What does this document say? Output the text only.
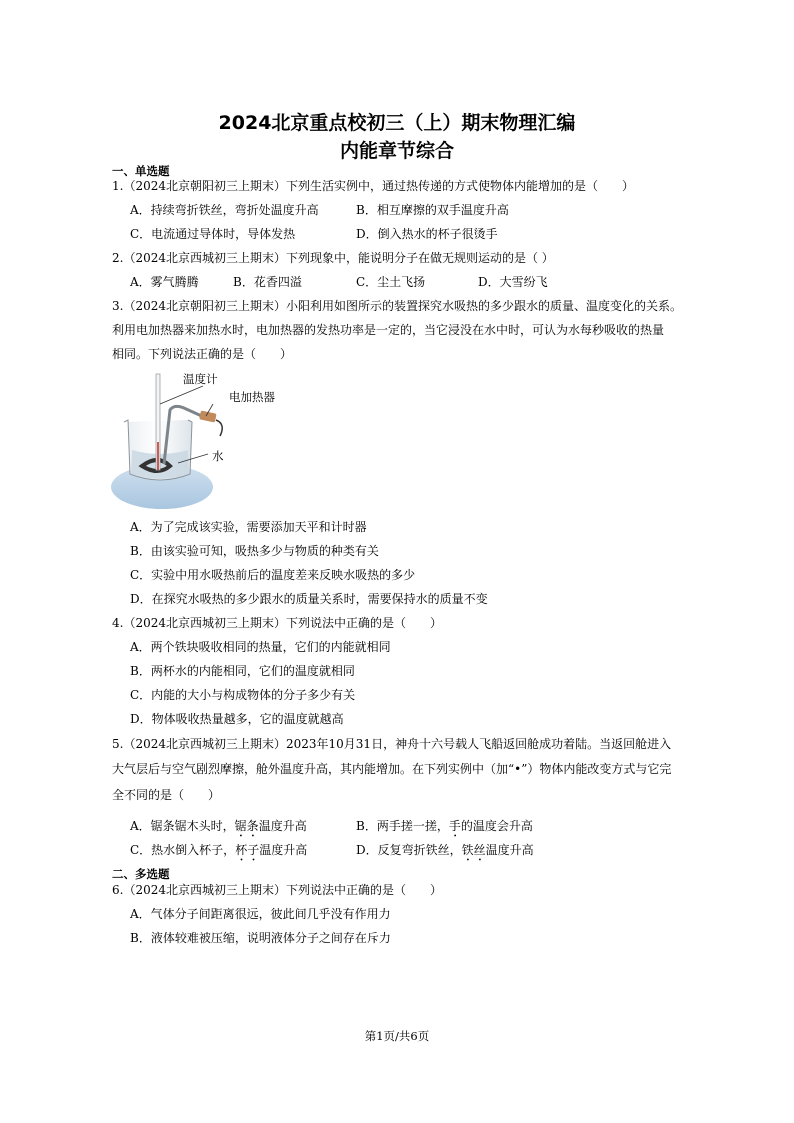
2024北京重点校初三（上）期末物理汇编
内能章节综合
一、单选题
1.（2024北京朝阳初三上期末）下列生活实例中，通过热传递的方式使物体内能增加的是（　　）
A．持续弯折铁丝，弯折处温度升高	B．相互摩擦的双手温度升高
C．电流通过导体时，导体发热	D．倒入热水的杯子很烫手
2.（2024北京西城初三上期末）下列现象中，能说明分子在做无规则运动的是（ ）
A．雾气腾腾	B．花香四溢	C．尘土飞扬	D．大雪纷飞
3.（2024北京朝阳初三上期末）小阳利用如图所示的装置探究水吸热的多少跟水的质量、温度变化的关系。
利用电加热器来加热水时，电加热器的发热功率是一定的，当它浸没在水中时，可认为水每秒吸收的热量
相同。下列说法正确的是（　　）
温度计
电加热器
水
A．为了完成该实验，需要添加天平和计时器
B．由该实验可知，吸热多少与物质的种类有关
C．实验中用水吸热前后的温度差来反映水吸热的多少
D．在探究水吸热的多少跟水的质量关系时，需要保持水的质量不变
4.（2024北京西城初三上期末）下列说法中正确的是（　　）
A．两个铁块吸收相同的热量，它们的内能就相同
B．两杯水的内能相同，它们的温度就相同
C．内能的大小与构成物体的分子多少有关
D．物体吸收热量越多，它的温度就越高
5.（2024北京西城初三上期末）2023年10月31日，神舟十六号载人飞船返回舱成功着陆。当返回舱进入
大气层后与空气剧烈摩擦，舱外温度升高，其内能增加。在下列实例中（加“•”）物体内能改变方式与它完
全不同的是（　　）
A．锯条锯木头时，锯条温度升高	B．两手搓一搓，手的温度会升高
C．热水倒入杯子，杯子温度升高	D．反复弯折铁丝，铁丝温度升高
二、多选题
6.（2024北京西城初三上期末）下列说法中正确的是（　　）
A．气体分子间距离很远，彼此间几乎没有作用力
B．液体较难被压缩，说明液体分子之间存在斥力
第1页/共6页
